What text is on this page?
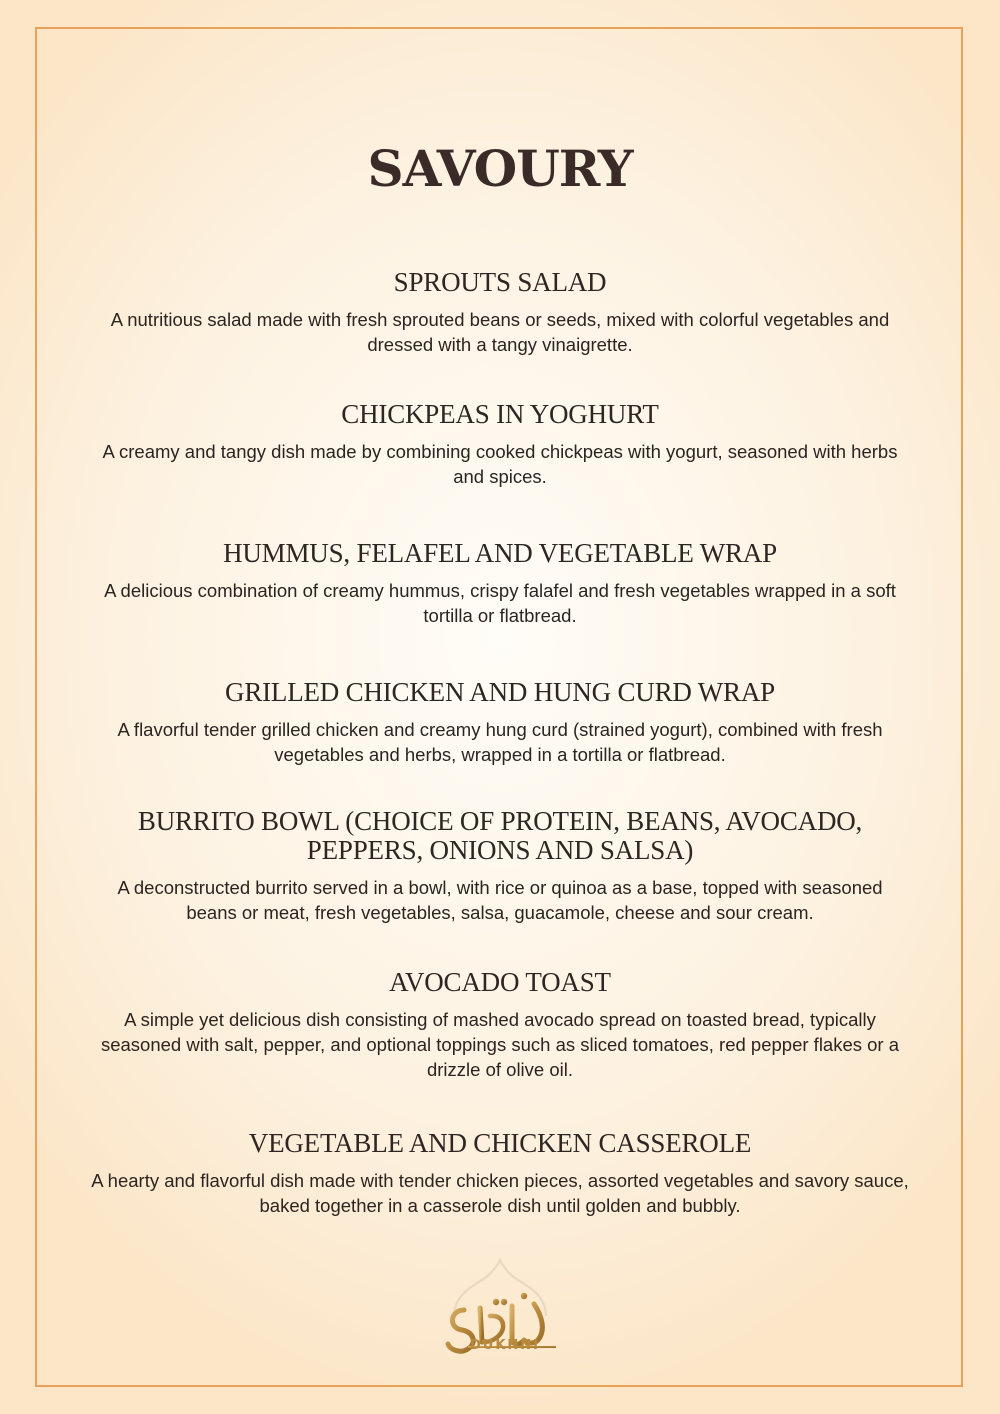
SAVOURY
SPROUTS SALAD
A nutritious salad made with fresh sprouted beans or seeds, mixed with colorful vegetables and dressed with a tangy vinaigrette.
CHICKPEAS IN YOGHURT
A creamy and tangy dish made by combining cooked chickpeas with yogurt, seasoned with herbs and spices.
HUMMUS, FELAFEL AND VEGETABLE WRAP
A delicious combination of creamy hummus, crispy falafel and fresh vegetables wrapped in a soft tortilla or flatbread.
GRILLED CHICKEN AND HUNG CURD WRAP
A flavorful tender grilled chicken and creamy hung curd (strained yogurt), combined with fresh vegetables and herbs, wrapped in a tortilla or flatbread.
BURRITO BOWL (CHOICE OF PROTEIN, BEANS, AVOCADO, PEPPERS, ONIONS AND SALSA)
A deconstructed burrito served in a bowl, with rice or quinoa as a base, topped with seasoned beans or meat, fresh vegetables, salsa, guacamole, cheese and sour cream.
AVOCADO TOAST
A simple yet delicious dish consisting of mashed avocado spread on toasted bread, typically seasoned with salt, pepper, and optional toppings such as sliced tomatoes, red pepper flakes or a drizzle of olive oil.
VEGETABLE AND CHICKEN CASSEROLE
A hearty and flavorful dish made with tender chicken pieces, assorted vegetables and savory sauce, baked together in a casserole dish until golden and bubbly.
DUKHNI
